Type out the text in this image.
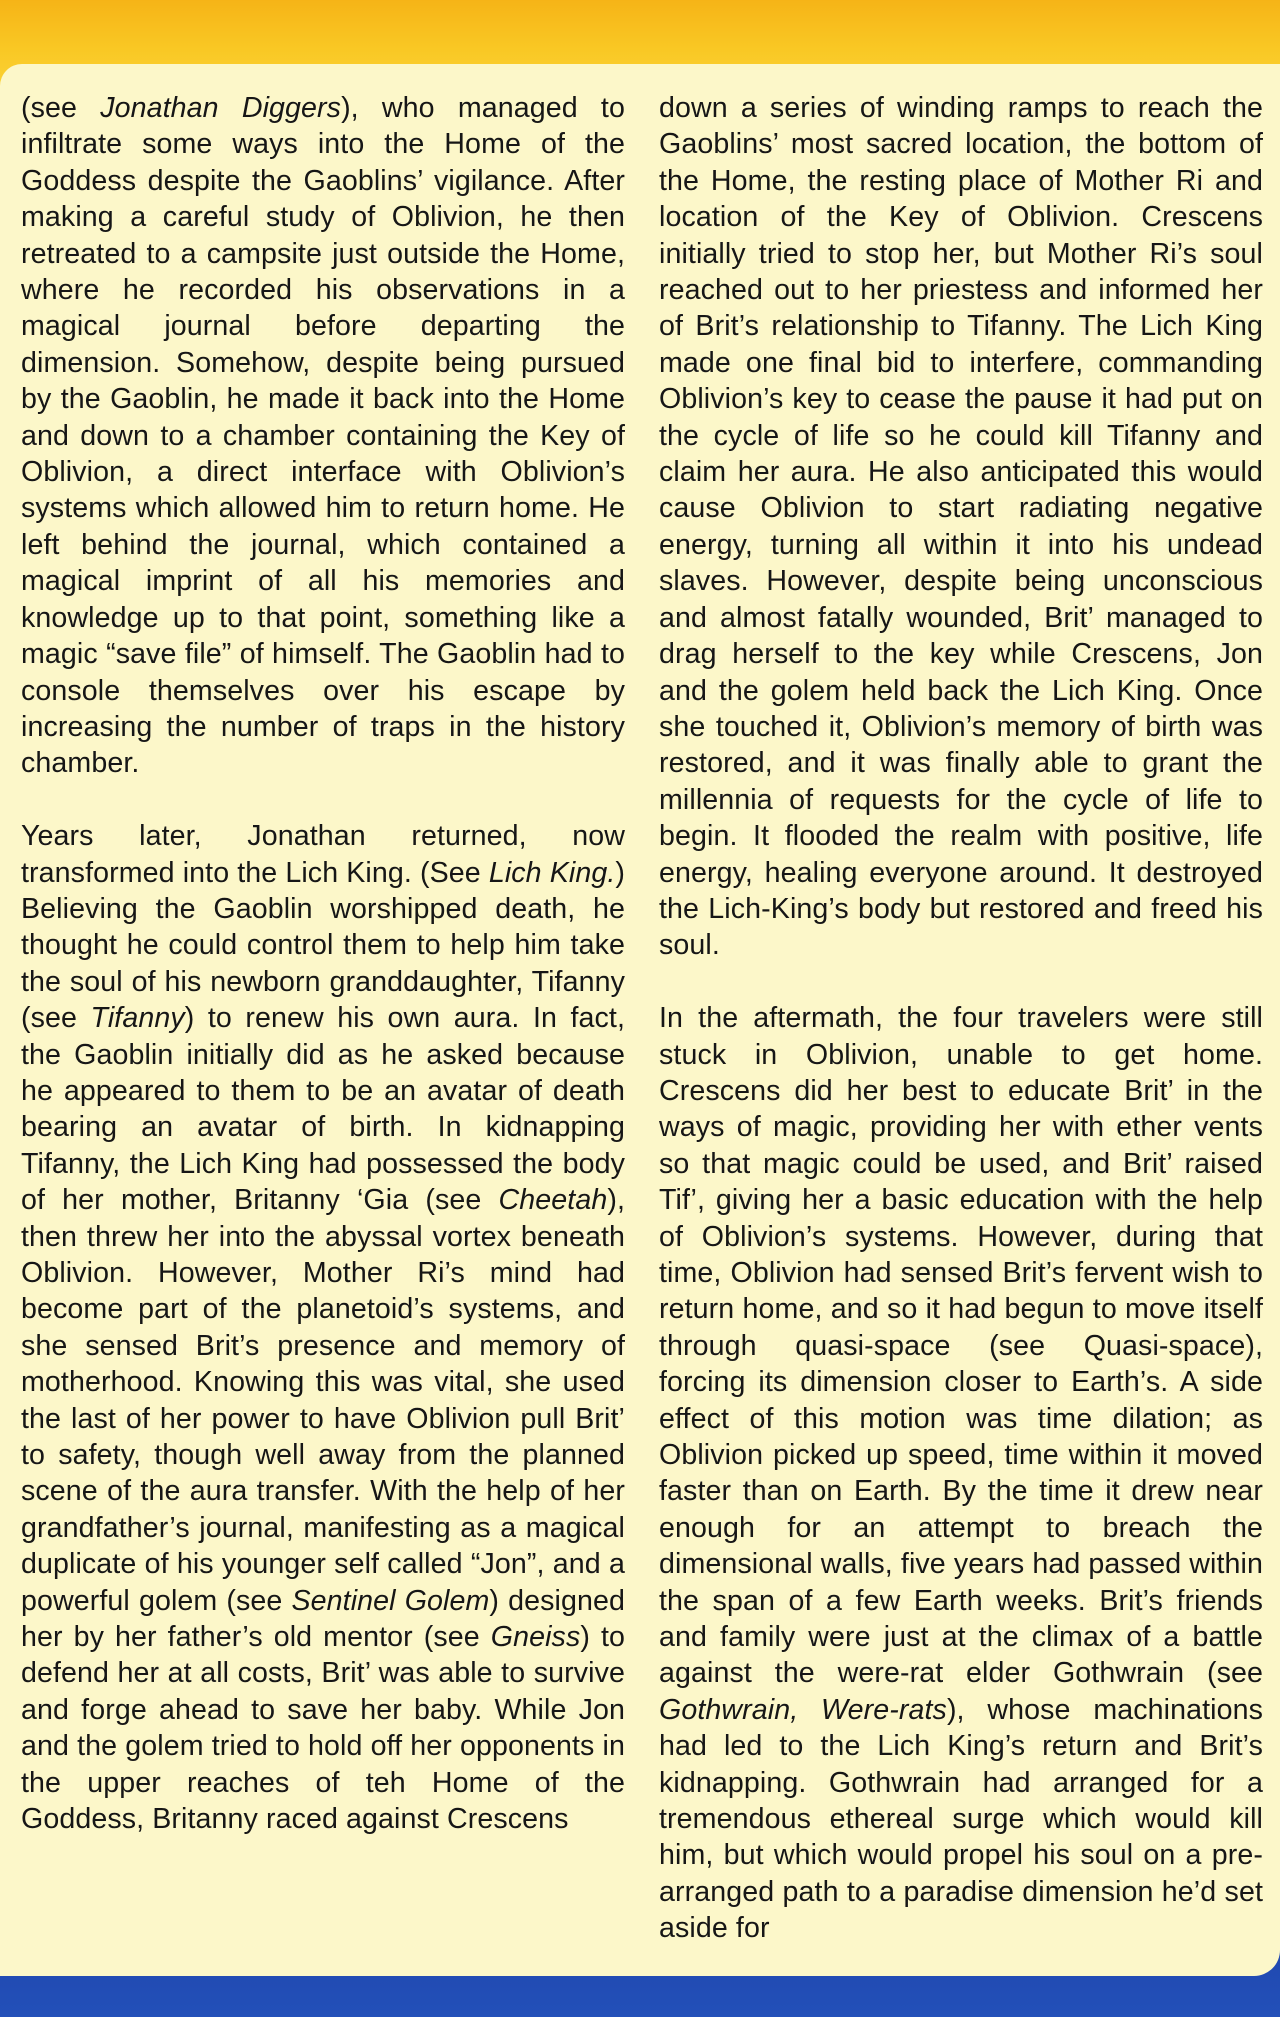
(see Jonathan Diggers), who managed to infiltrate some ways into the Home of the Goddess despite the Gaoblins’ vigilance. After making a careful study of Oblivion, he then retreated to a campsite just outside the Home, where he recorded his observations in a magical journal before departing the dimension. Somehow, despite being pursued by the Gaoblin, he made it back into the Home and down to a chamber containing the Key of Oblivion, a direct interface with Oblivion’s systems which allowed him to return home. He left behind the journal, which contained a magical imprint of all his memories and knowledge up to that point, something like a magic “save file” of himself. The Gaoblin had to console themselves over his escape by increasing the number of traps in the history chamber.

Years later, Jonathan returned, now transformed into the Lich King. (See Lich King.) Believing the Gaoblin worshipped death, he thought he could control them to help him take the soul of his newborn granddaughter, Tifanny (see Tifanny) to renew his own aura. In fact, the Gaoblin initially did as he asked because he appeared to them to be an avatar of death bearing an avatar of birth. In kidnapping Tifanny, the Lich King had possessed the body of her mother, Britanny ‘Gia (see Cheetah), then threw her into the abyssal vortex beneath Oblivion. However, Mother Ri’s mind had become part of the planetoid’s systems, and she sensed Brit’s presence and memory of motherhood. Knowing this was vital, she used the last of her power to have Oblivion pull Brit’ to safety, though well away from the planned scene of the aura transfer. With the help of her grandfather’s journal, manifesting as a magical duplicate of his younger self called “Jon”, and a powerful golem (see Sentinel Golem) designed her by her father’s old mentor (see Gneiss) to defend her at all costs, Brit’ was able to survive and forge ahead to save her baby. While Jon and the golem tried to hold off her opponents in the upper reaches of teh Home of the Goddess, Britanny raced against Crescens

down a series of winding ramps to reach the Gaoblins’ most sacred location, the bottom of the Home, the resting place of Mother Ri and location of the Key of Oblivion. Crescens initially tried to stop her, but Mother Ri’s soul reached out to her priestess and informed her of Brit’s relationship to Tifanny. The Lich King made one final bid to interfere, commanding Oblivion’s key to cease the pause it had put on the cycle of life so he could kill Tifanny and claim her aura. He also anticipated this would cause Oblivion to start radiating negative energy, turning all within it into his undead slaves. However, despite being unconscious and almost fatally wounded, Brit’ managed to drag herself to the key while Crescens, Jon and the golem held back the Lich King. Once she touched it, Oblivion’s memory of birth was restored, and it was finally able to grant the millennia of requests for the cycle of life to begin. It flooded the realm with positive, life energy, healing everyone around. It destroyed the Lich-King’s body but restored and freed his soul.

In the aftermath, the four travelers were still stuck in Oblivion, unable to get home. Crescens did her best to educate Brit’ in the ways of magic, providing her with ether vents so that magic could be used, and Brit’ raised Tif’, giving her a basic education with the help of Oblivion’s systems. However, during that time, Oblivion had sensed Brit’s fervent wish to return home, and so it had begun to move itself through quasi-space (see Quasi-space), forcing its dimension closer to Earth’s. A side effect of this motion was time dilation; as Oblivion picked up speed, time within it moved faster than on Earth. By the time it drew near enough for an attempt to breach the dimensional walls, five years had passed within the span of a few Earth weeks. Brit’s friends and family were just at the climax of a battle against the were-rat elder Gothwrain (see Gothwrain, Were-rats), whose machinations had led to the Lich King’s return and Brit’s kidnapping. Gothwrain had arranged for a tremendous ethereal surge which would kill him, but which would propel his soul on a pre-arranged path to a paradise dimension he’d set aside for
